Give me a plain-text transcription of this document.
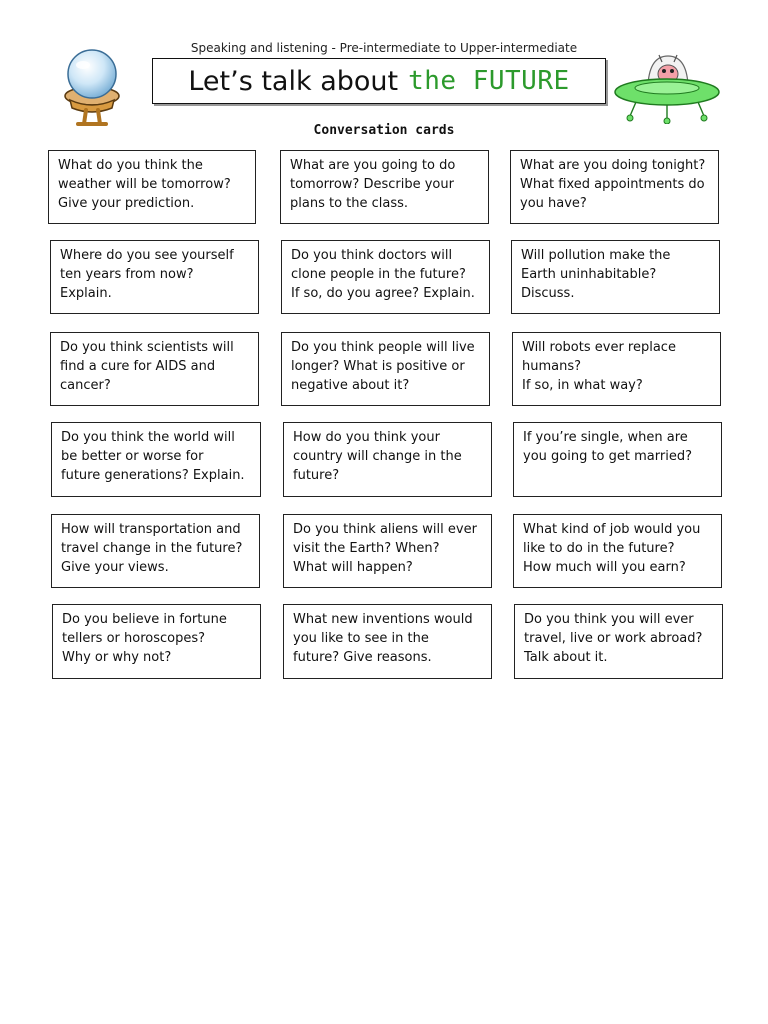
Speaking and listening - Pre-intermediate to Upper-intermediate
Let’s talk about the FUTURE
Conversation cards

What do you think the

weather will be tomorrow?

Give your prediction.

What are you going to do

tomorrow? Describe your

plans to the class.

What are you doing tonight?

What fixed appointments do

you have?

Where do you see yourself

ten years from now?

Explain.

Do you think doctors will

clone people in the future?

If so, do you agree? Explain.

Will pollution make the

Earth uninhabitable?

Discuss.

Do you think scientists will

find a cure for AIDS and

cancer?

Do you think people will live

longer? What is positive or

negative about it?

Will robots ever replace

humans?

If so, in what way?

Do you think the world will

be better or worse for

future generations? Explain.

How do you think your

country will change in the

future?

If you’re single, when are

you going to get married?

How will transportation and

travel change in the future?

Give your views.

Do you think aliens will ever

visit the Earth? When?

What will happen?

What kind of job would you

like to do in the future?

How much will you earn?

Do you believe in fortune

tellers or horoscopes?

Why or why not?

What new inventions would

you like to see in the

future? Give reasons.

Do you think you will ever

travel, live or work abroad?

Talk about it.
